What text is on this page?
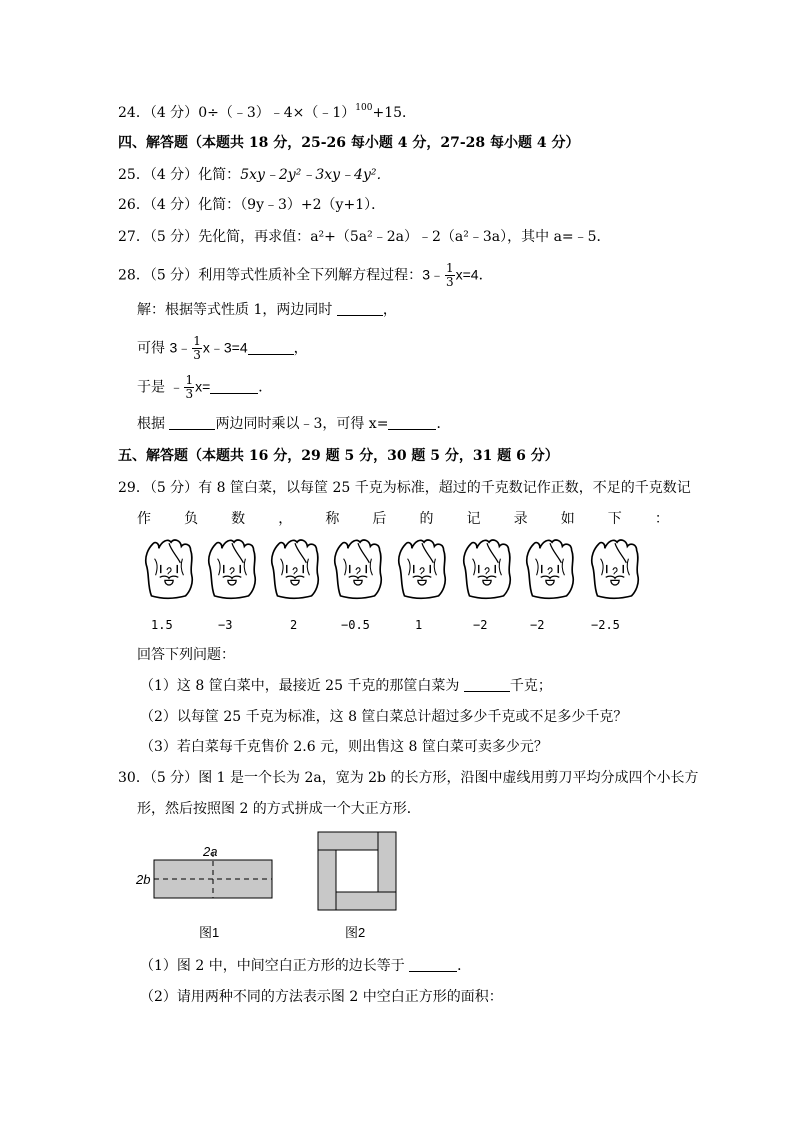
24．（4 分）0÷（﹣3）﹣4×（﹣1）$^{100}$+15．
四、解答题（本题共 18 分，25-26 每小题 4 分，27-28 每小题 4 分）
25．（4 分）化简：5xy﹣2y²﹣3xy﹣4y²．
26．（4 分）化简：（9y﹣3）+2（y+1）．
27．（5 分）先化简，再求值：a²+（5a²﹣2a）﹣2（a²﹣3a），其中 a=﹣5．
28．（5 分）利用等式性质补全下列解方程过程：3﹣ $\frac{1}{3} x=4$．
解：根据等式性质 1，两边同时	，
可得 3﹣ $\frac{1}{3}$ x﹣3=4	，
于是 ﹣ $\frac{1}{3} x=$	．
根据	两边同时乘以﹣3，可得 x=	．
五、解答题（本题共 16 分，29 题 5 分，30 题 5 分，31 题 6 分）
29．（5 分）有 8 筐白菜，以每筐 25 千克为标准，超过的千克数记作正数，不足的千克数记
作 负 数 ， 称 后 的 记 录 如 下 ：
1.5	−3	2	−0.5	1	−2	−2	−2.5
回答下列问题：
（1）这 8 筐白菜中，最接近 25 千克的那筐白菜为	千克；
（2）以每筐 25 千克为标准，这 8 筐白菜总计超过多少千克或不足多少千克？
（3）若白菜每千克售价 2.6 元，则出售这 8 筐白菜可卖多少元？
30．（5 分）图 1 是一个长为 2a，宽为 2b 的长方形，沿图中虚线用剪刀平均分成四个小长方
形，然后按照图 2 的方式拼成一个大正方形．
2a
2b
图1	图2
（1）图 2 中，中间空白正方形的边长等于	．
（2）请用两种不同的方法表示图 2 中空白正方形的面积：
